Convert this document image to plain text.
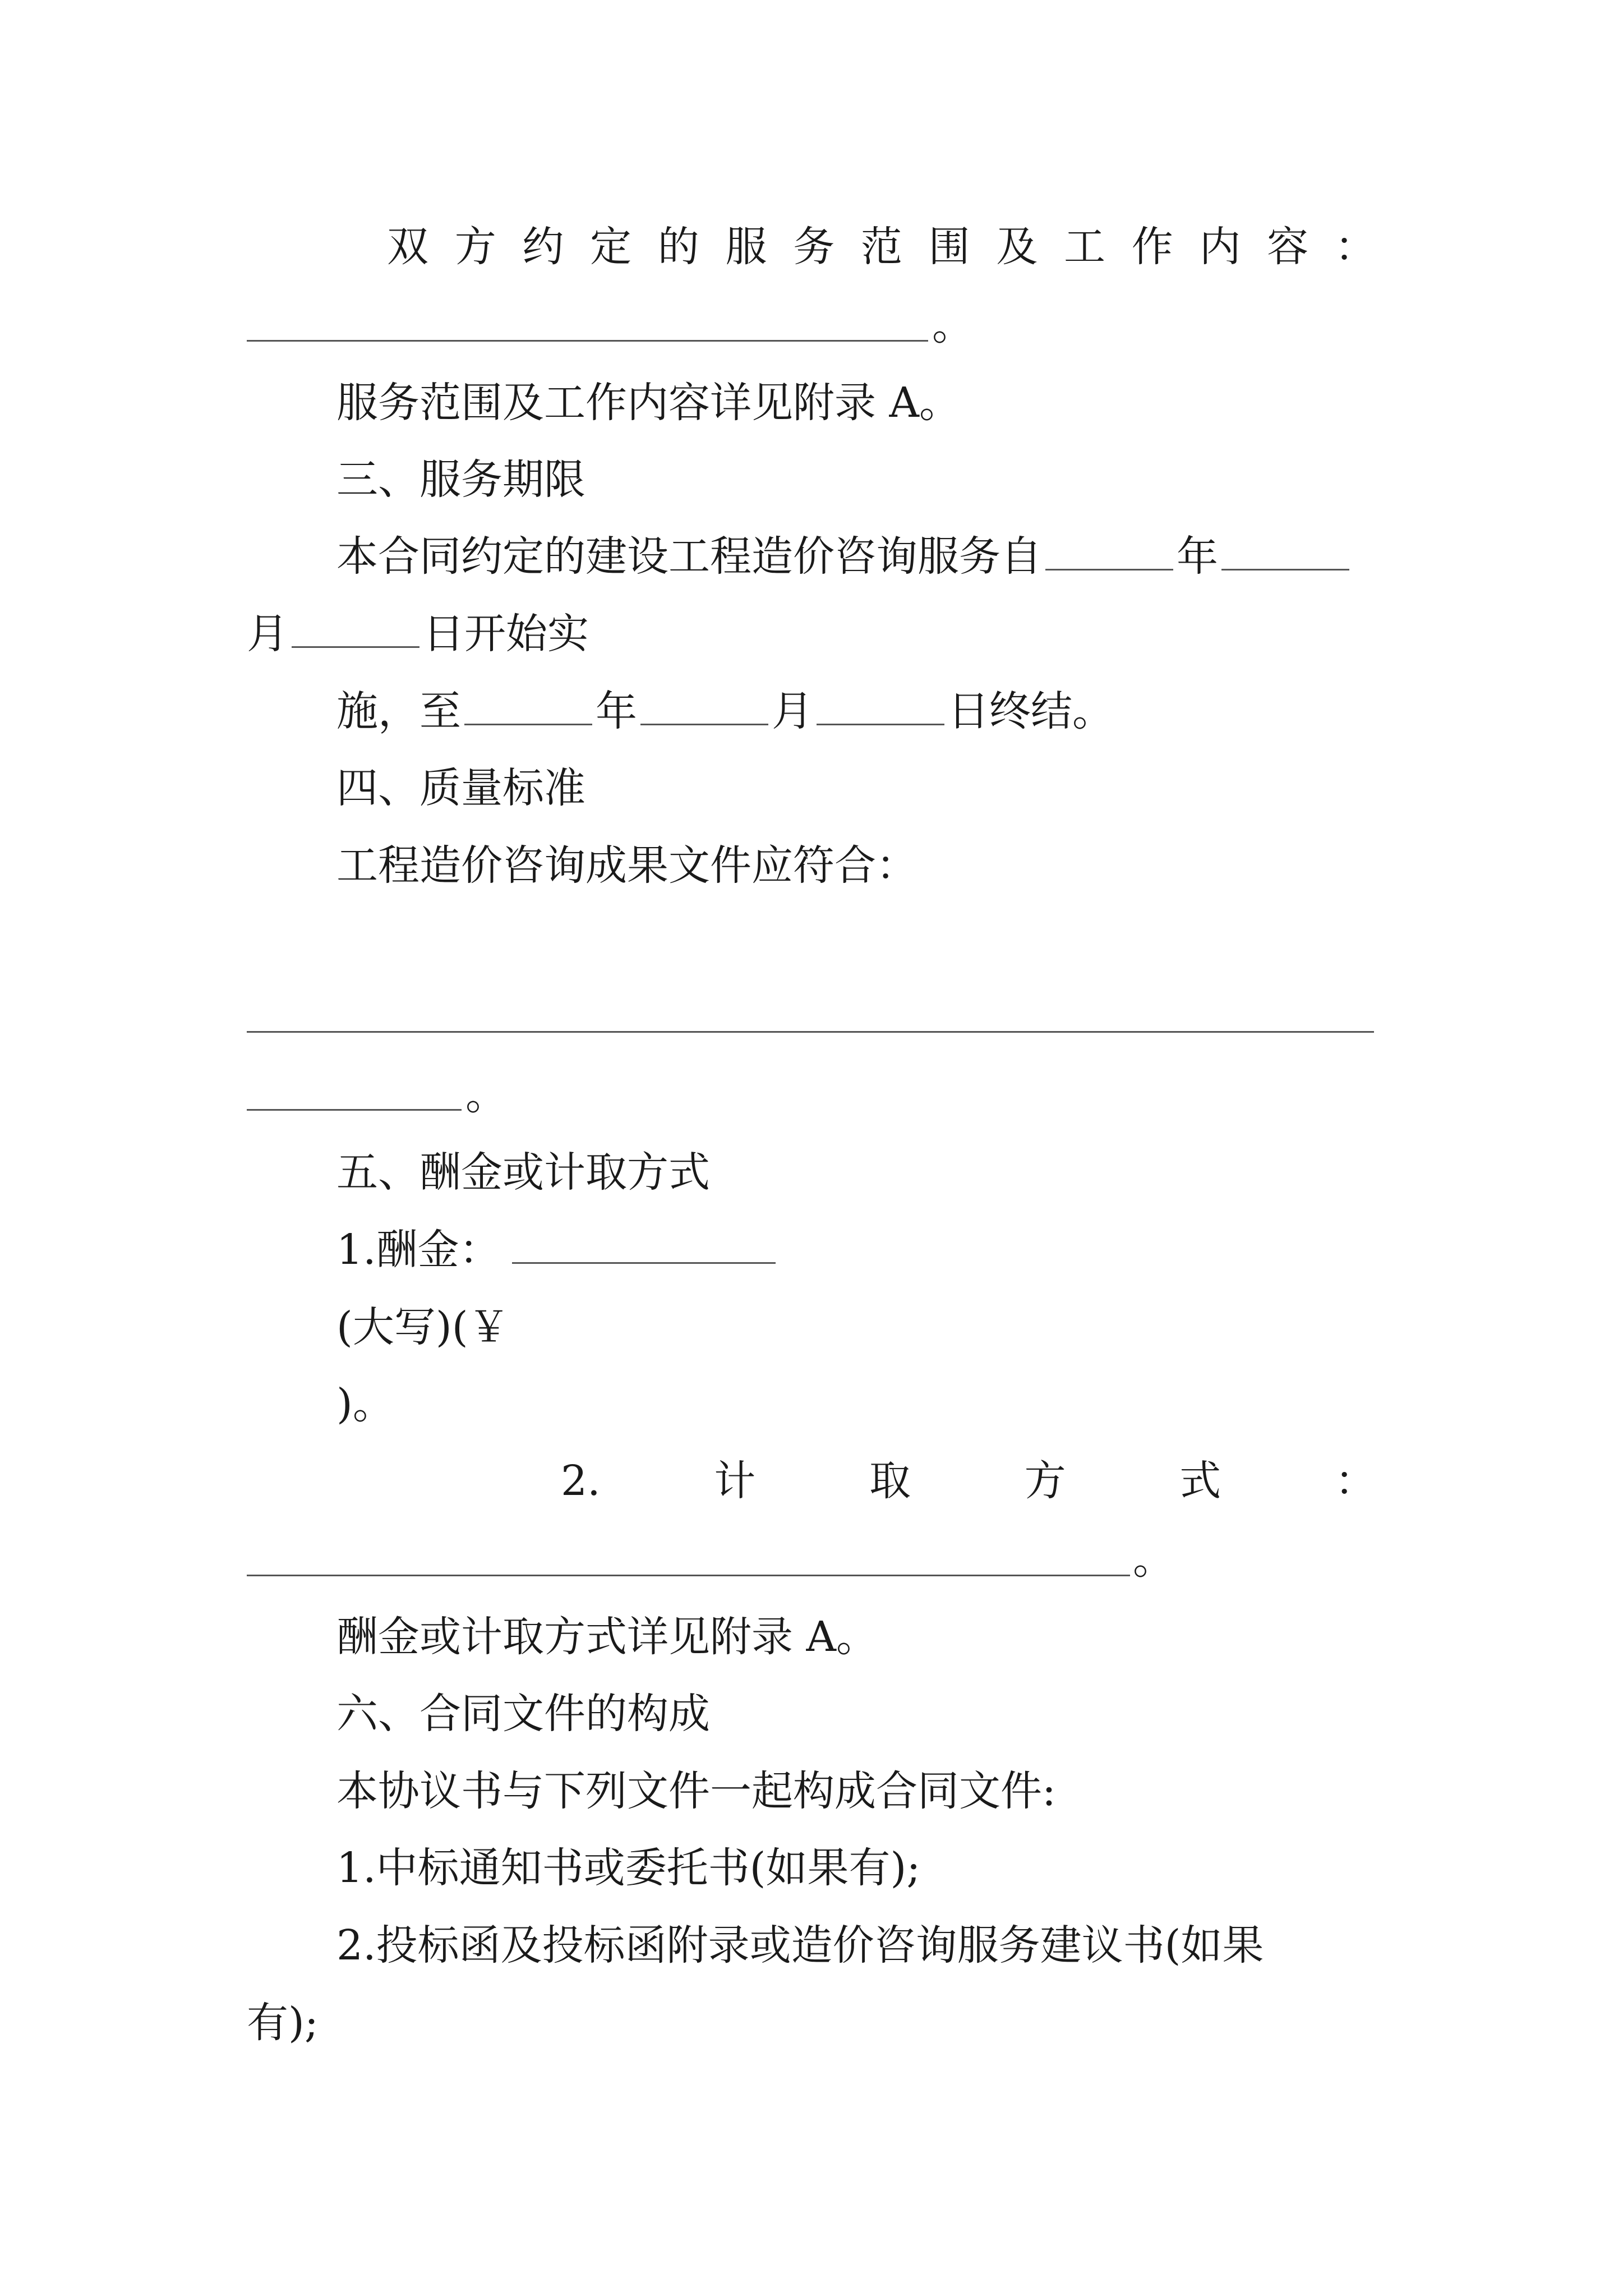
双 方 约 定 的 服 务 范 围 及 工 作 内 容 ：
。
服务范围及工作内容详见附录 A。
三、服务期限
本合同约定的建设工程造价咨询服务自	年
月	日开始实
施，至	年	月	日终结。
四、质量标准
工程造价咨询成果文件应符合：
。
五、酬金或计取方式
1.酬金：
(大写)(￥
)。
2.	计	取	方	式	：
。
酬金或计取方式详见附录 A。
六、合同文件的构成
本协议书与下列文件一起构成合同文件:
1.中标通知书或委托书(如果有);
2.投标函及投标函附录或造价咨询服务建议书(如果
有);
